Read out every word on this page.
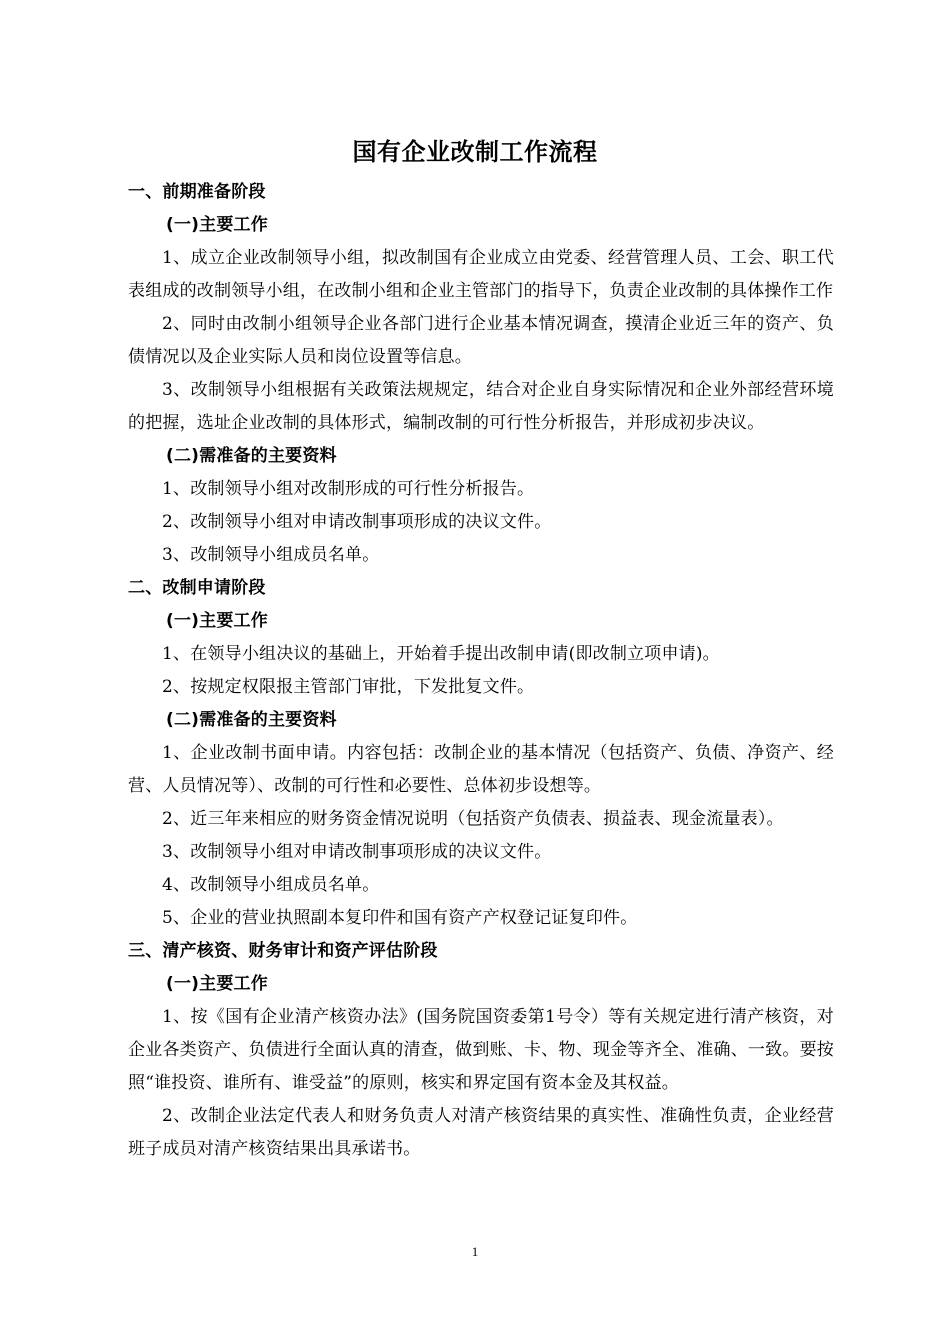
国有企业改制工作流程

一、前期准备阶段

(一)主要工作

1、成立企业改制领导小组，拟改制国有企业成立由党委、经营管理人员、工会、职工代表组成的改制领导小组，在改制小组和企业主管部门的指导下，负责企业改制的具体操作工作

2、同时由改制小组领导企业各部门进行企业基本情况调查，摸清企业近三年的资产、负债情况以及企业实际人员和岗位设置等信息。

3、改制领导小组根据有关政策法规规定，结合对企业自身实际情况和企业外部经营环境的把握，选址企业改制的具体形式，编制改制的可行性分析报告，并形成初步决议。

(二)需准备的主要资料

1、改制领导小组对改制形成的可行性分析报告。

2、改制领导小组对申请改制事项形成的决议文件。

3、改制领导小组成员名单。

二、改制申请阶段

(一)主要工作

1、在领导小组决议的基础上，开始着手提出改制申请(即改制立项申请)。

2、按规定权限报主管部门审批，下发批复文件。

(二)需准备的主要资料

1、企业改制书面申请。内容包括：改制企业的基本情况（包括资产、负债、净资产、经营、人员情况等）、改制的可行性和必要性、总体初步设想等。

2、近三年来相应的财务资金情况说明（包括资产负债表、损益表、现金流量表）。

3、改制领导小组对申请改制事项形成的决议文件。

4、改制领导小组成员名单。

5、企业的营业执照副本复印件和国有资产产权登记证复印件。

三、清产核资、财务审计和资产评估阶段

(一)主要工作

1、按《国有企业清产核资办法》(国务院国资委第1号令）等有关规定进行清产核资，对企业各类资产、负债进行全面认真的清查，做到账、卡、物、现金等齐全、准确、一致。要按照“谁投资、谁所有、谁受益”的原则，核实和界定国有资本金及其权益。

2、改制企业法定代表人和财务负责人对清产核资结果的真实性、准确性负责，企业经营班子成员对清产核资结果出具承诺书。

1
